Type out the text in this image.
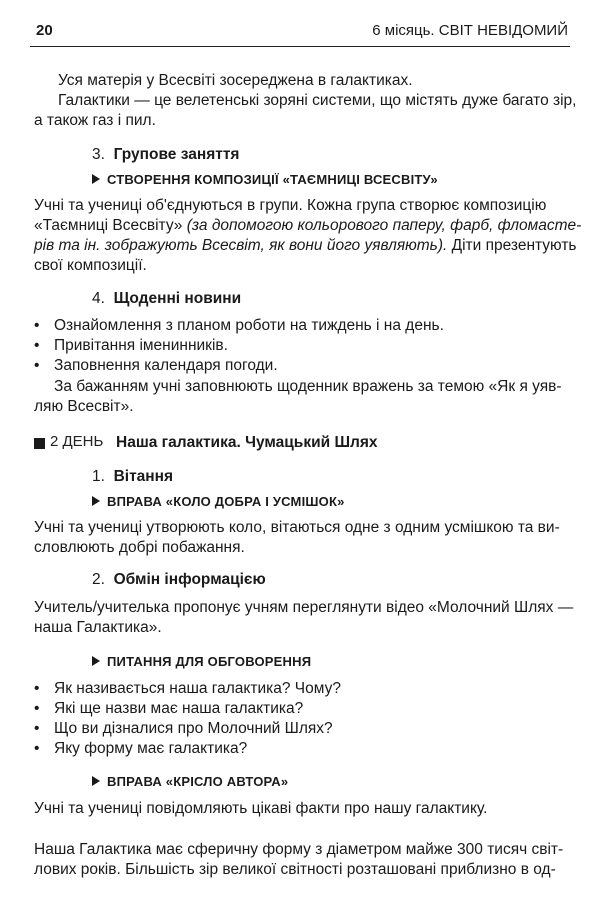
20	6 місяць. СВІТ НЕВІДОМИЙ
Уся матерія у Всесвіті зосереджена в галактиках.
Галактики — це велетенські зоряні системи, що містять дуже багато зір,
а також газ і пил.
3. Групове заняття
СТВОРЕННЯ КОМПОЗИЦІЇ «ТАЄМНИЦІ ВСЕСВІТУ»
Учні та учениці об'єднуються в групи. Кожна група створює композицію
«Таємниці Всесвіту» (за допомогою кольорового паперу, фарб, фломасте-
рів та ін. зображують Всесвіт, як вони його уявляють). Діти презентують
свої композиції.
4. Щоденні новини
• Ознайомлення з планом роботи на тиждень і на день.
• Привітання іменинників.
• Заповнення календаря погоди.
За бажанням учні заповнюють щоденник вражень за темою «Як я уяв-
ляю Всесвіт».
2 ДЕНЬ Наша галактика. Чумацький Шлях
1. Вітання
ВПРАВА «КОЛО ДОБРА І УСМІШОК»
Учні та учениці утворюють коло, вітаються одне з одним усмішкою та ви-
словлюють добрі побажання.
2. Обмін інформацією
Учитель/учителька пропонує учням переглянути відео «Молочний Шлях —
наша Галактика».
ПИТАННЯ ДЛЯ ОБГОВОРЕННЯ
• Як називається наша галактика? Чому?
• Які ще назви має наша галактика?
• Що ви дізналися про Молочний Шлях?
• Яку форму має галактика?
ВПРАВА «КРІСЛО АВТОРА»
Учні та учениці повідомляють цікаві факти про нашу галактику.
Наша Галактика має сферичну форму з діаметром майже 300 тисяч світ-
лових років. Більшість зір великої світності розташовані приблизно в од-
